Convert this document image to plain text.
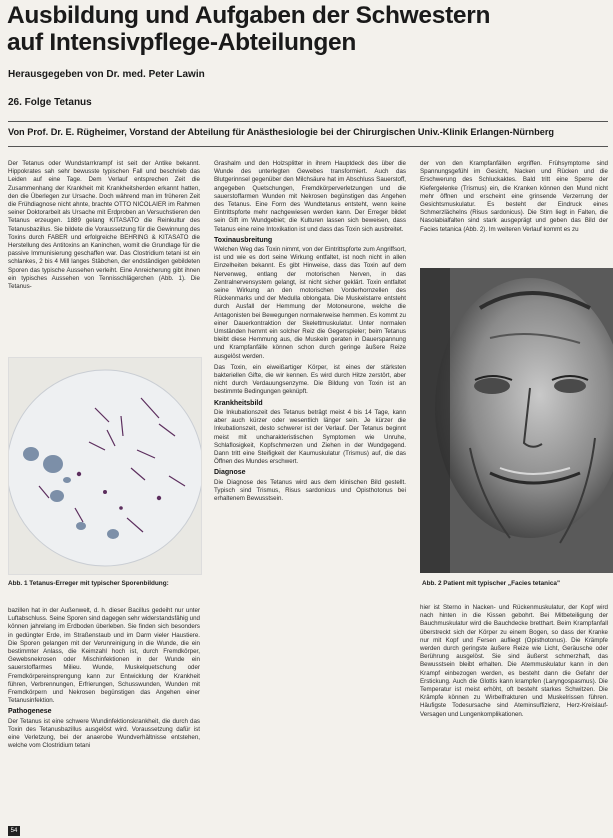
Ausbildung und Aufgaben der Schwestern
auf Intensivpflege-Abteilungen
Herausgegeben von Dr. med. Peter Lawin
26. Folge Tetanus
Von Prof. Dr. E. Rügheimer, Vorstand der Abteilung für Anästhesiologie bei der Chirurgischen Univ.-Klinik Erlangen-Nürnberg

Der Tetanus oder Wundstarrkrampf ist seit der Antike bekannt. Hippokrates sah sehr bewusste typischen Fall und beschrieb das Leiden auf eine Tage. Dem Verlauf entsprechen Zeit die Zusammenhang der Krankheit mit Krankheitsherden erkannt hatten, den die Überlegen zur Ursache. Doch während man im früheren Zeit die Frühdiagnose nicht ahnte, brachte OTTO NICOLAIER im Rahmen seiner Doktorarbeit als Ursache mit Erdproben an Versuchstieren den Tetanus erzeugen. 1889 gelang KITASATO die Reinkultur des Tetanusbazillus. Sie bildete die Voraussetzung für die Gewinnung des Toxins durch FABER und erfolgreiche BEHRING & KITASATO die Herstellung des Antitoxins an Kaninchen, womit die Grundlage für die passive Immunisierung geschaffen war. Das Clostridium tetani ist ein schlankes, 2 bis 4 Mill langes Stäbchen, der endständigen gebildeten Sporen das typische Aussehen verleiht. Eine Anreicherung gibt ihnen ein typisches Aussehen von Tennisschlägerchen (Abb. 1). Die Tetanus-

Abb. 1 Tetanus-Erreger mit typischer Sporenbildung:

bazillen hat in der Außenwelt, d. h. dieser Bacillus gedeiht nur unter Luftabschluss. Seine Sporen sind dagegen sehr widerstandsfähig und können jahrelang im Erdboden überleben. Sie finden sich besonders in gedüngter Erde, im Straßenstaub und im Darm vieler Haustiere. Die Sporen gelangen mit der Verunreinigung in die Wunde, die ein bestimmter Anlass, die Keimzahl hoch ist, durch Fremdkörper, Gewebsnekrosen oder Mischinfektionen in der Wunde ein sauerstoffarmes Milieu. Wunde, Muskelquetschung oder Fremdkörpereinsprengung kann zur Entwicklung der Krankheit führen, Verbrennungen, Erfrierungen, Schusswunden, Wunden mit Fremdkörpern und Nekrosen begünstigen das Angehen einer Tetanusinfektion.

Pathogenese

Der Tetanus ist eine schwere Wundinfektionskrankheit, die durch das Toxin des Tetanusbazillus ausgelöst wird. Voraussetzung dafür ist eine Verletzung, bei der anaerobe Wundverhältnisse entstehen, welche vom Clostridium tetani

Grashalm und den Holzsplitter in ihrem Hauptdeck des über die Wunde des unterlegten Gewebes transformiert. Auch das Blutgerinnsel gegenüber den Milchsäure hat im Abschluss Sauerstoff, angegeben Quetschungen, Fremdkörperverletzungen und die sauerstoffarmen Wunden mit Nekrosen begünstigen das Angehen des Tetanus. Eine Form des Wundtetanus entsteht, wenn keine Eintrittspforte mehr nachgewiesen werden kann. Der Erreger bildet sein Gift im Wundgebiet; die Kulturen lassen sich beweisen, dass Tetanus eine reine Intoxikation ist und dass das Toxin sich ausbreitet.

Toxinausbreitung

Welchen Weg das Toxin nimmt, von der Eintrittspforte zum Angriffsort, ist und wie es dort seine Wirkung entfaltet, ist noch nicht in allen Einzelheiten bekannt. Es gibt Hinweise, dass das Toxin auf dem Nervenweg, entlang der motorischen Nerven, in das Zentralnervensystem gelangt, ist nicht sicher geklärt. Toxin entfaltet seine Wirkung an den motorischen Vorderhornzellen des Rückenmarks und der Medulla oblongata. Die Muskelstarre entsteht durch Ausfall der Hemmung der Motoneurone, welche die Antagonisten bei Bewegungen normalerweise hemmen. Es kommt zu einer Dauerkontraktion der Skelettmuskulatur. Unter normalen Umständen hemmt ein solcher Reiz die Gegenspieler; beim Tetanus bleibt diese Hemmung aus, die Muskeln geraten in Dauerspannung und Krampfanfälle können schon durch geringe äußere Reize ausgelöst werden.

Das Toxin, ein eiweißartiger Körper, ist eines der stärksten bakteriellen Gifte, die wir kennen. Es wird durch Hitze zerstört, aber nicht durch Verdauungsenzyme. Die Bildung von Toxin ist an bestimmte Bedingungen geknüpft.

Krankheitsbild

Die Inkubationszeit des Tetanus beträgt meist 4 bis 14 Tage, kann aber auch kürzer oder wesentlich länger sein. Je kürzer die Inkubationszeit, desto schwerer ist der Verlauf. Der Tetanus beginnt meist mit uncharakteristischen Symptomen wie Unruhe, Schlaflosigkeit, Kopfschmerzen und Ziehen in der Wundgegend. Dann tritt eine Steifigkeit der Kaumuskulatur (Trismus) auf, die das Öffnen des Mundes erschwert.

Diagnose

Die Diagnose des Tetanus wird aus dem klinischen Bild gestellt. Typisch sind Trismus, Risus sardonicus und Opisthotonus bei erhaltenem Bewusstsein.

der von den Krampfanfällen ergriffen. Frühsymptome sind Spannungsgefühl im Gesicht, Nacken und Rücken und die Erschwerung des Schluckaktes. Bald tritt eine Sperre der Kiefergelenke (Trismus) ein, die Kranken können den Mund nicht mehr öffnen und erscheint eine grinsende Verzerrung der Gesichtsmuskulatur. Es besteht der Eindruck eines Schmerzlächelns (Risus sardonicus). Die Stirn liegt in Falten, die Nasolabialfalten sind stark ausgeprägt und geben das Bild der Facies tetanica (Abb. 2). Im weiteren Verlauf kommt es zu

Abb. 2 Patient mit typischer „Facies tetanica"

hier ist Sterno in Nacken- und Rückenmuskulatur, der Kopf wird nach hinten in die Kissen gebohrt. Bei Mitbeteiligung der Bauchmuskulatur wird die Bauchdecke bretthart. Beim Krampfanfall überstreckt sich der Körper zu einem Bogen, so dass der Kranke nur mit Kopf und Fersen aufliegt (Opisthotonus). Die Krämpfe werden durch geringste äußere Reize wie Licht, Geräusche oder Berührung ausgelöst. Sie sind äußerst schmerzhaft, das Bewusstsein bleibt erhalten. Die Atemmuskulatur kann in den Krampf einbezogen werden, es besteht dann die Gefahr der Erstickung. Auch die Glottis kann krampfen (Laryngospasmus). Die Temperatur ist meist erhöht, oft besteht starkes Schwitzen. Die Krämpfe können zu Wirbelfrakturen und Muskelrissen führen. Häufigste Todesursache sind Ateminsuffizienz, Herz-Kreislauf-Versagen und Lungenkomplikationen.

54
